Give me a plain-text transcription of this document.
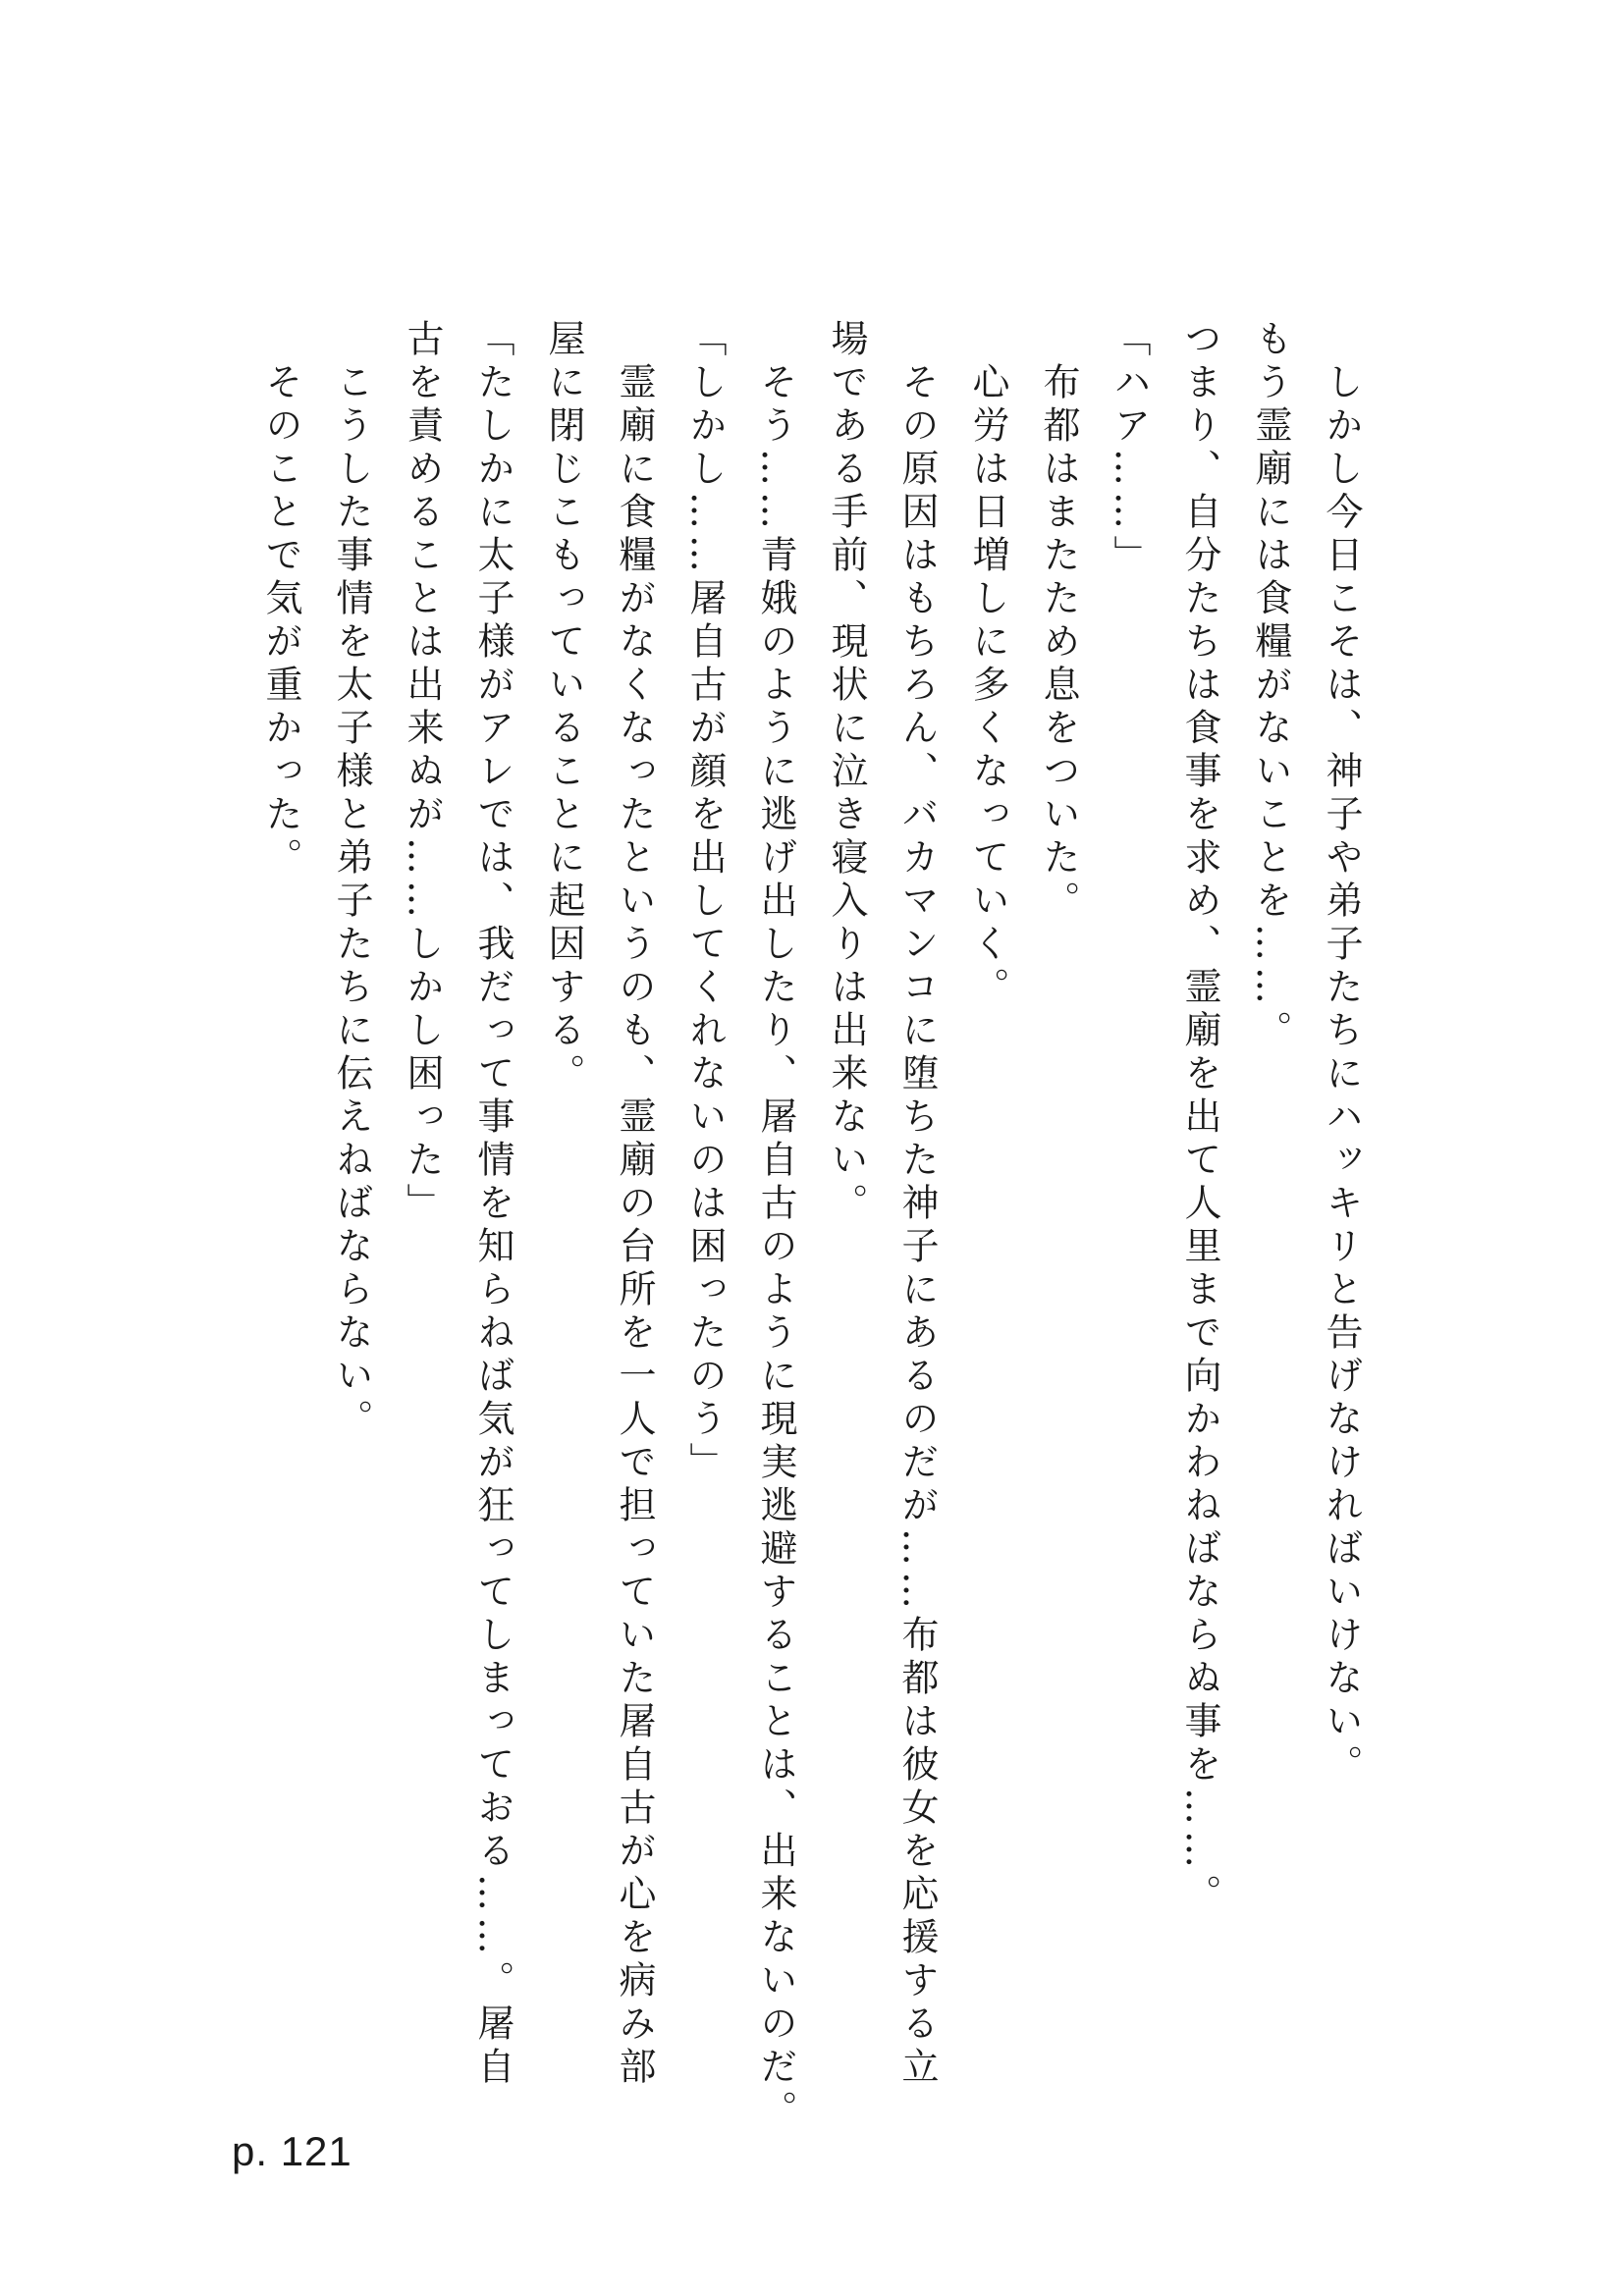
　しかし今日こそは、神子や弟子たちにハッキリと告げなければいけない。
もう霊廟には食糧がないことを……。
つまり、自分たちは食事を求め、霊廟を出て人里まで向かわねばならぬ事を……。
「ハア……」
　布都はまたため息をついた。
　心労は日増しに多くなっていく。
　その原因はもちろん、バカマンコに堕ちた神子にあるのだが……布都は彼女を応援する立
場である手前、現状に泣き寝入りは出来ない。
　そう……青娥のように逃げ出したり、屠自古のように現実逃避することは、出来ないのだ。
「しかし……屠自古が顔を出してくれないのは困ったのう」
　霊廟に食糧がなくなったというのも、霊廟の台所を一人で担っていた屠自古が心を病み部
屋に閉じこもっていることに起因する。
「たしかに太子様がアレでは、我だって事情を知らねば気が狂ってしまっておる……。屠自
古を責めることは出来ぬが……しかし困った」
　こうした事情を太子様と弟子たちに伝えねばならない。
　そのことで気が重かった。
p. 121
